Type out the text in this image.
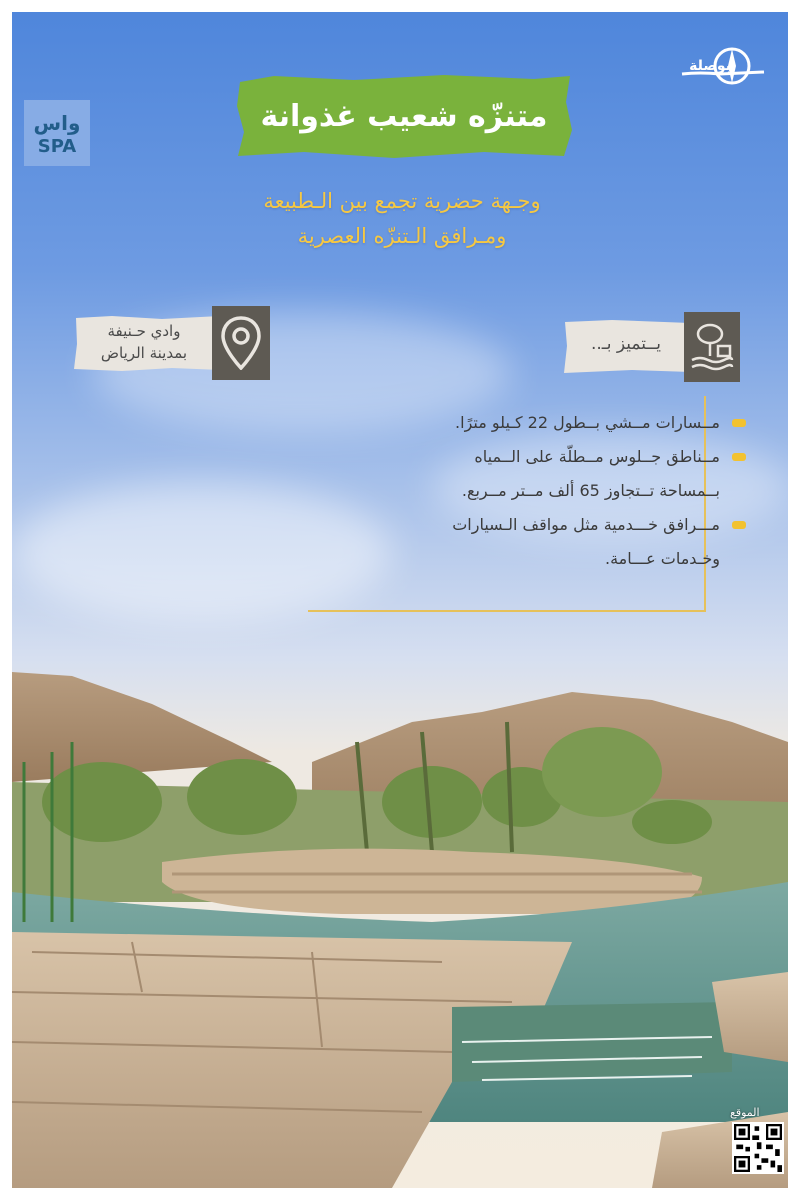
واس
SPA
بوصلة
متنزّه شعيب غذوانة
وجـهة حضرية تجمع بين الـطبيعة
ومـرافق الـتنزّه العصرية
وادي حـنيفة
بمدينة الرياض	يــتميز بـ..
مــسارات مــشي بــطول 22 كـيلو مترًا.
مــناطق جــلوس مــطلّة على الــمياه
بــمساحة تــتجاوز 65 ألف مــتر مــربع.
مـــرافق خـــدمية مثل مواقف الـسيارات
وخـدمات عـــامة.
الموقع
